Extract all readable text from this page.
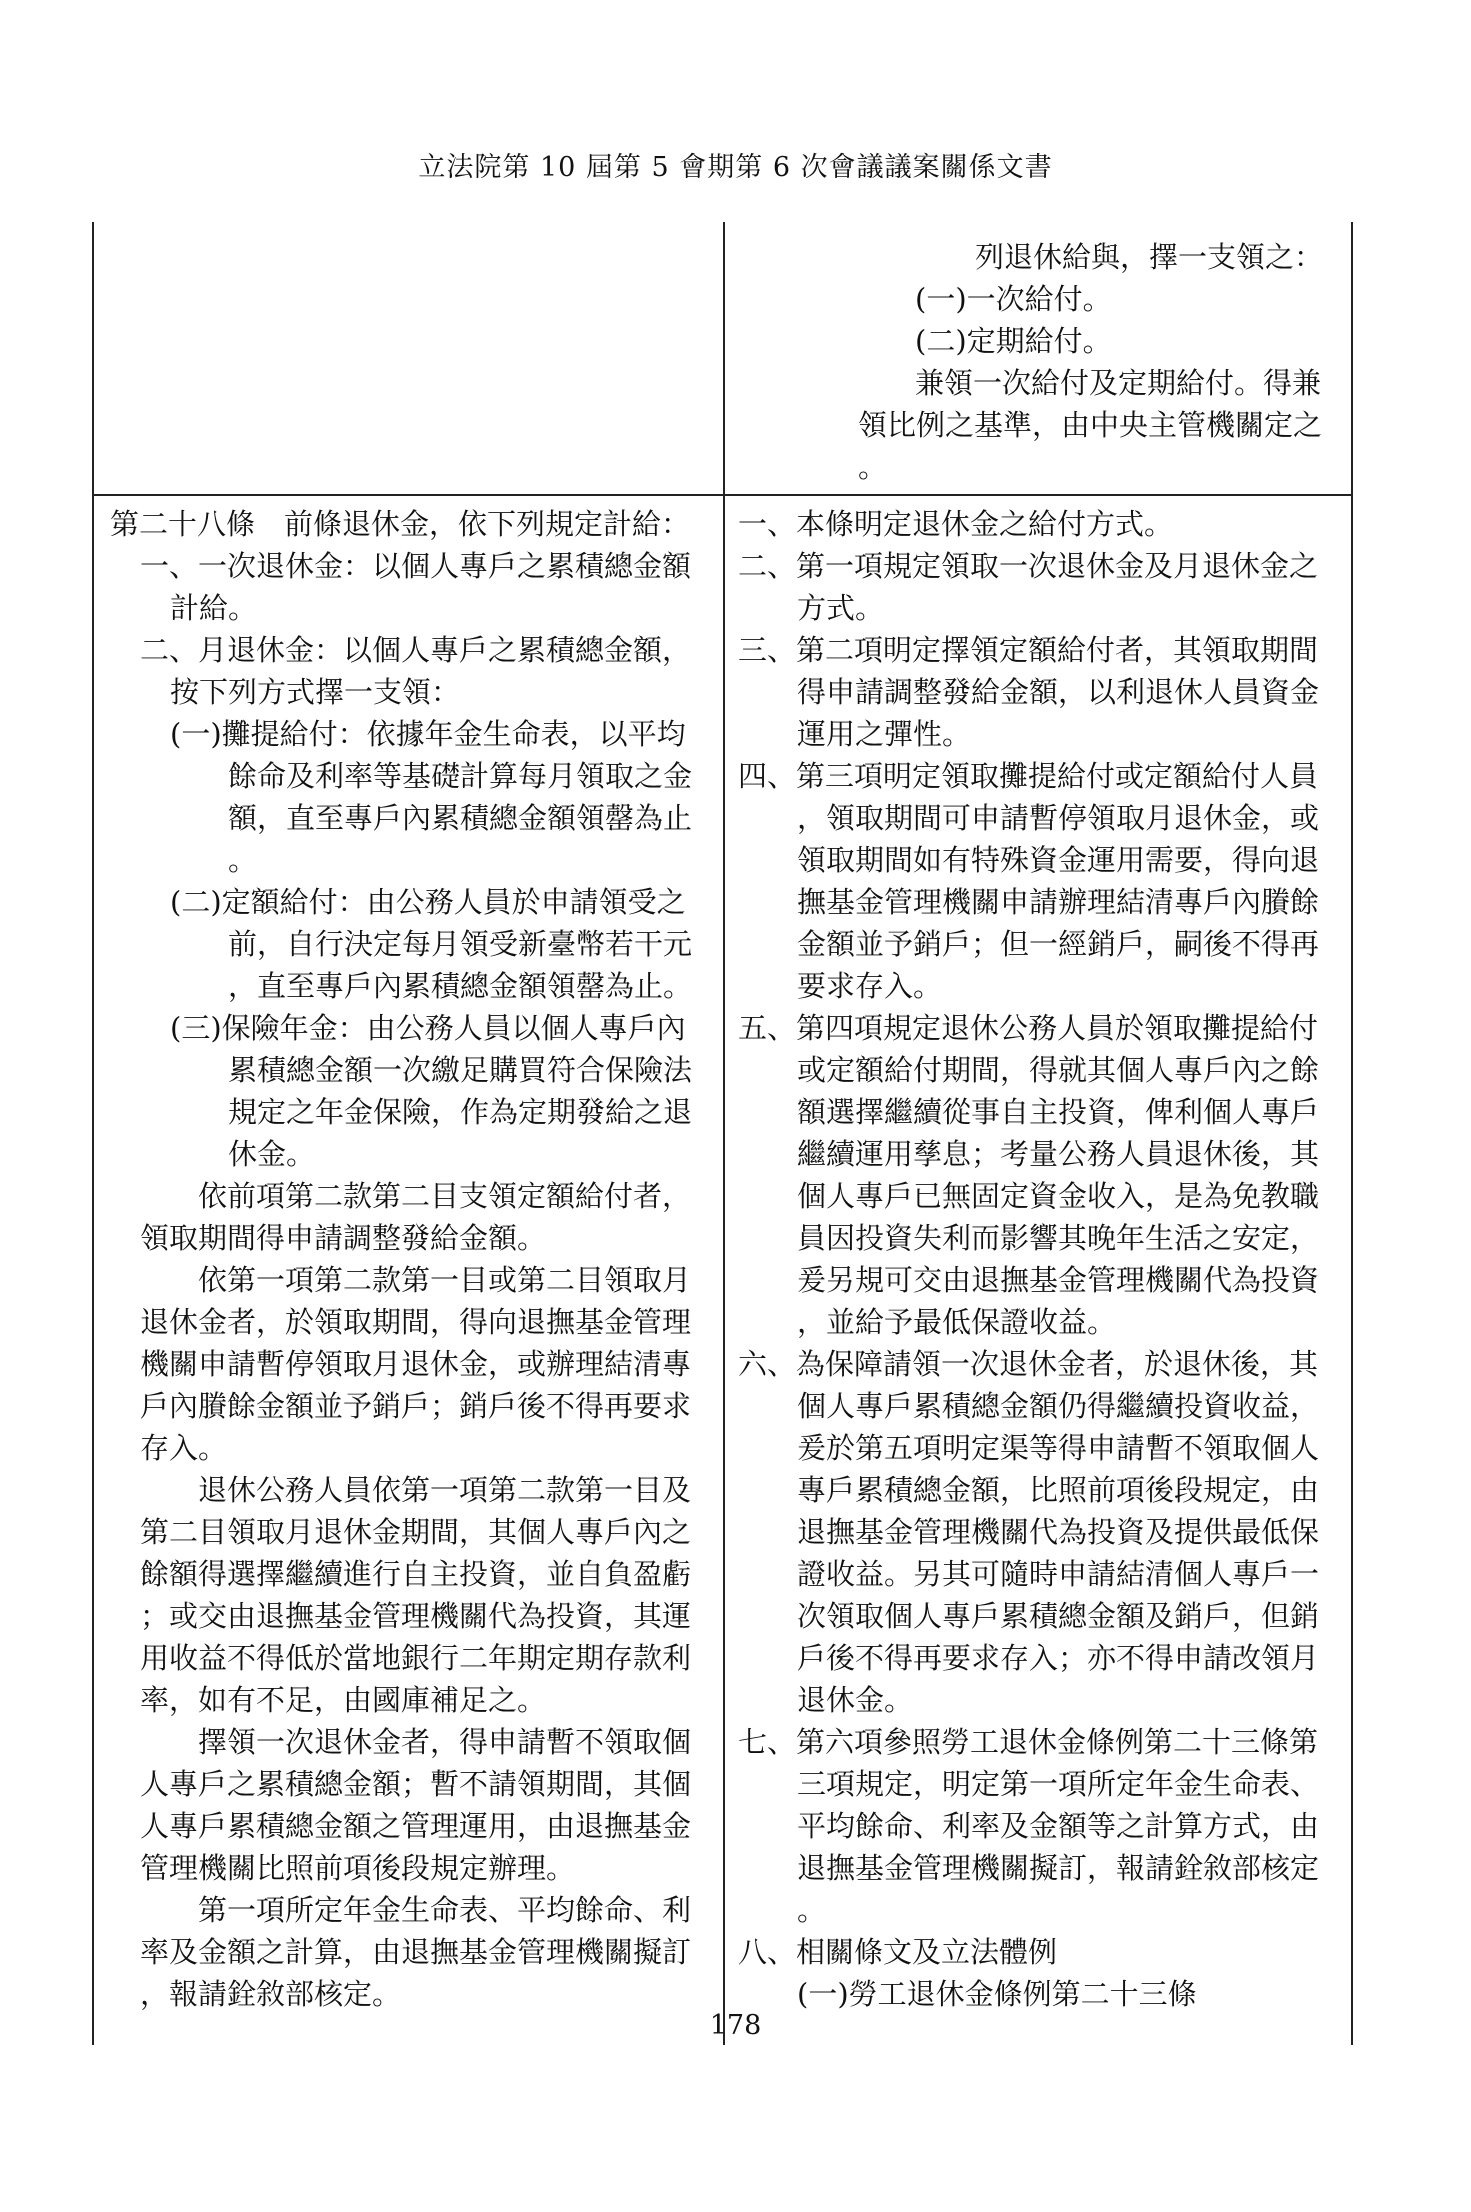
立法院第 10 屆第 5 會期第 6 次會議議案關係文書
列退休給與，擇一支領之：
(一)一次給付。
(二)定期給付。
兼領一次給付及定期給付。得兼
領比例之基準，由中央主管機關定之
。
第二十八條　前條退休金，依下列規定計給：
一、一次退休金：以個人專戶之累積總金額
計給。
二、月退休金：以個人專戶之累積總金額，
按下列方式擇一支領：
(一)攤提給付：依據年金生命表，以平均
餘命及利率等基礎計算每月領取之金
額，直至專戶內累積總金額領罄為止
。
(二)定額給付：由公務人員於申請領受之
前，自行決定每月領受新臺幣若干元
，直至專戶內累積總金額領罄為止。
(三)保險年金：由公務人員以個人專戶內
累積總金額一次繳足購買符合保險法
規定之年金保險，作為定期發給之退
休金。
依前項第二款第二目支領定額給付者，
領取期間得申請調整發給金額。
依第一項第二款第一目或第二目領取月
退休金者，於領取期間，得向退撫基金管理
機關申請暫停領取月退休金，或辦理結清專
戶內賸餘金額並予銷戶；銷戶後不得再要求
存入。
退休公務人員依第一項第二款第一目及
第二目領取月退休金期間，其個人專戶內之
餘額得選擇繼續進行自主投資，並自負盈虧
；或交由退撫基金管理機關代為投資，其運
用收益不得低於當地銀行二年期定期存款利
率，如有不足，由國庫補足之。
擇領一次退休金者，得申請暫不領取個
人專戶之累積總金額；暫不請領期間，其個
人專戶累積總金額之管理運用，由退撫基金
管理機關比照前項後段規定辦理。
第一項所定年金生命表、平均餘命、利
率及金額之計算，由退撫基金管理機關擬訂
，報請銓敘部核定。
一、本條明定退休金之給付方式。
二、第一項規定領取一次退休金及月退休金之
方式。
三、第二項明定擇領定額給付者，其領取期間
得申請調整發給金額，以利退休人員資金
運用之彈性。
四、第三項明定領取攤提給付或定額給付人員
，領取期間可申請暫停領取月退休金，或
領取期間如有特殊資金運用需要，得向退
撫基金管理機關申請辦理結清專戶內賸餘
金額並予銷戶；但一經銷戶，嗣後不得再
要求存入。
五、第四項規定退休公務人員於領取攤提給付
或定額給付期間，得就其個人專戶內之餘
額選擇繼續從事自主投資，俾利個人專戶
繼續運用孳息；考量公務人員退休後，其
個人專戶已無固定資金收入，是為免教職
員因投資失利而影響其晚年生活之安定，
爰另規可交由退撫基金管理機關代為投資
，並給予最低保證收益。
六、為保障請領一次退休金者，於退休後，其
個人專戶累積總金額仍得繼續投資收益，
爰於第五項明定渠等得申請暫不領取個人
專戶累積總金額，比照前項後段規定，由
退撫基金管理機關代為投資及提供最低保
證收益。另其可隨時申請結清個人專戶一
次領取個人專戶累積總金額及銷戶，但銷
戶後不得再要求存入；亦不得申請改領月
退休金。
七、第六項參照勞工退休金條例第二十三條第
三項規定，明定第一項所定年金生命表、
平均餘命、利率及金額等之計算方式，由
退撫基金管理機關擬訂，報請銓敘部核定
。
八、相關條文及立法體例
(一)勞工退休金條例第二十三條
178
